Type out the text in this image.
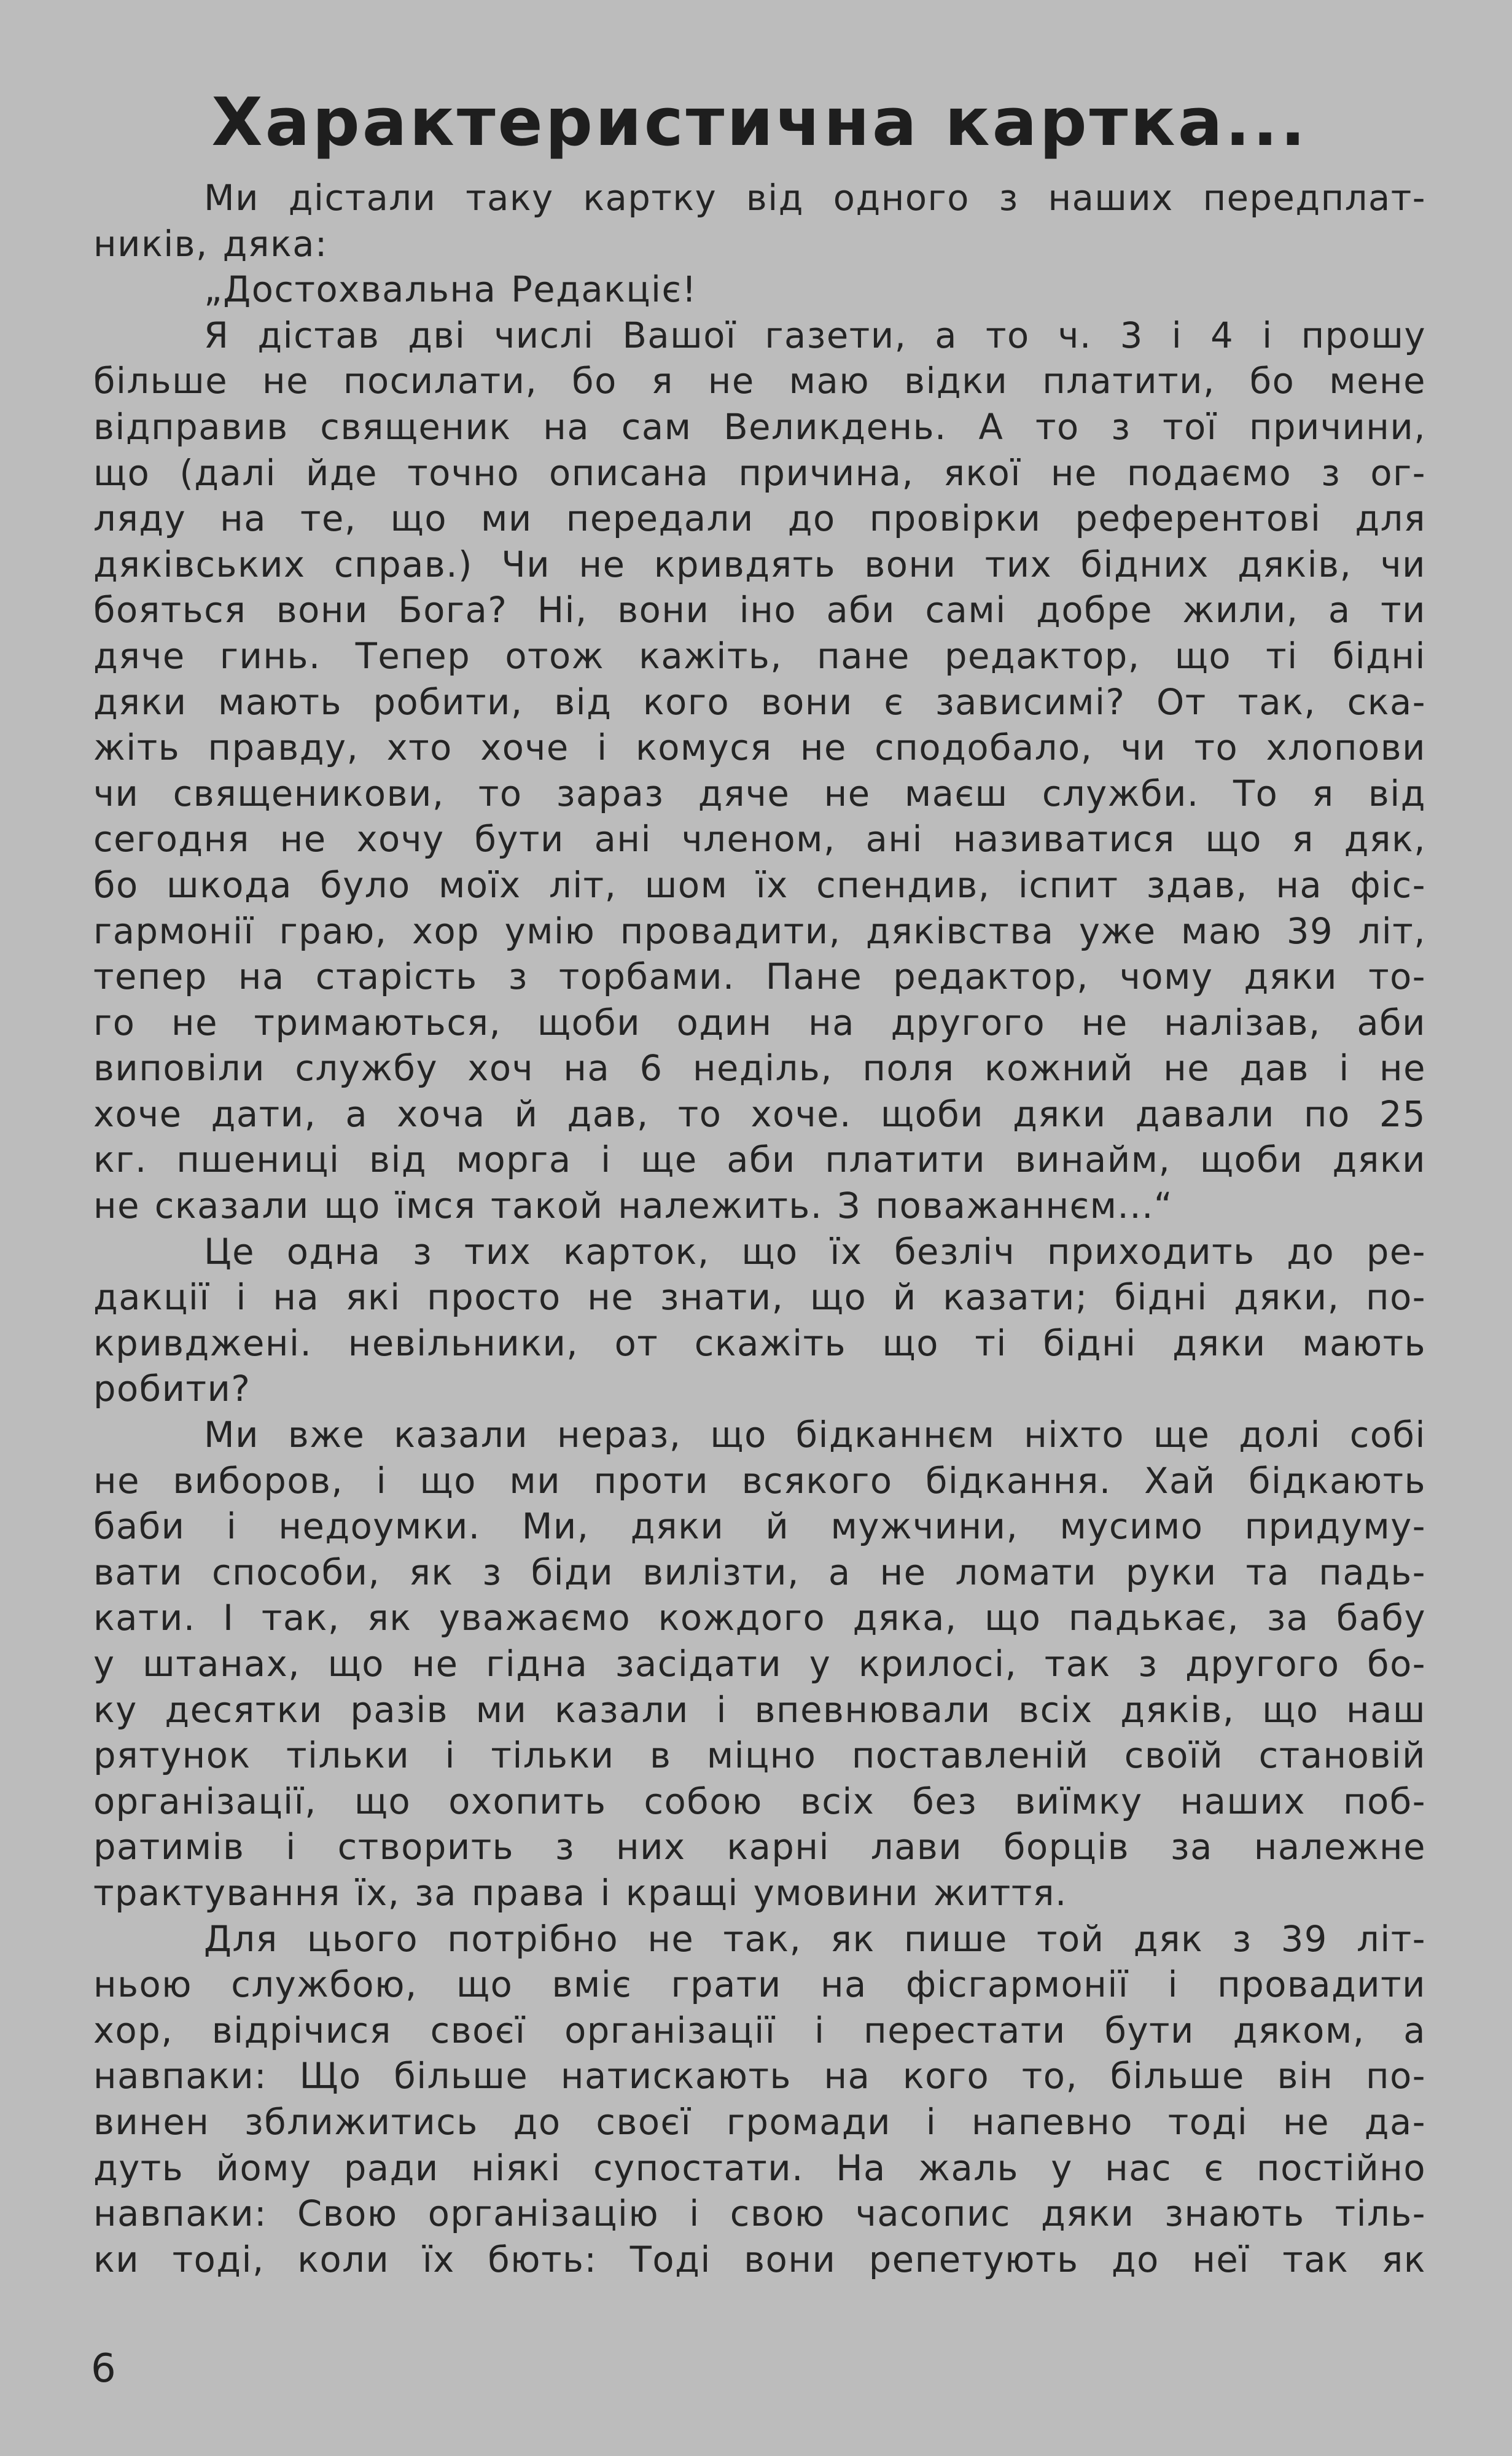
Характеристична картка...
Ми дістали таку картку від одного з наших передплат-
ників, дяка:
„Достохвальна Редакціє!
Я дістав дві числі Вашої газети, а то ч. 3 і 4 і прошу
більше не посилати, бо я не маю відки платити, бо мене
відправив священик на сам Великдень. А то з тої причини,
що (далі йде точно описана причина, якої не подаємо з ог-
ляду на те, що ми передали до провірки референтові для
дяківських справ.) Чи не кривдять вони тих бідних дяків, чи
бояться вони Бога? Ні, вони іно аби самі добре жили, а ти
дяче гинь. Тепер отож кажіть, пане редактор, що ті бідні
дяки мають робити, від кого вони є зависимі? От так, ска-
жіть правду, хто хоче і комуся не сподобало, чи то хлопови
чи священикови, то зараз дяче не маєш служби. То я від
сегодня не хочу бути ані членом, ані називатися що я дяк,
бо шкода було моїх літ, шом їх спендив, іспит здав, на фіс-
гармонії граю, хор умію провадити, дяківства уже маю 39 літ,
тепер на старість з торбами. Пане редактор, чому дяки то-
го не тримаються, щоби один на другого не налізав, аби
виповіли службу хоч на 6 неділь, поля кожний не дав і не
хоче дати, а хоча й дав, то хоче. щоби дяки давали по 25
кг. пшениці від морга і ще аби платити винайм, щоби дяки
не сказали що їмся такой належить. З поважаннєм...“
Це одна з тих карток, що їх безліч приходить до ре-
дакції і на які просто не знати, що й казати; бідні дяки, по-
кривджені. невільники, от скажіть що ті бідні дяки мають
робити?
Ми вже казали нераз, що бідканнєм ніхто ще долі собі
не виборов, і що ми проти всякого бідкання. Хай бідкають
баби і недоумки. Ми, дяки й мужчини, мусимо придуму-
вати способи, як з біди вилізти, а не ломати руки та падь-
кати. І так, як уважаємо кождого дяка, що падькає, за бабу
у штанах, що не гідна засідати у крилосі, так з другого бо-
ку десятки разів ми казали і впевнювали всіх дяків, що наш
рятунок тільки і тільки в міцно поставленій своїй становій
організації, що охопить собою всіх без виїмку наших поб-
ратимів і створить з них карні лави борців за належне
трактування їх, за права і кращі умовини життя.
Для цього потрібно не так, як пише той дяк з 39 літ-
ньою службою, що вміє грати на фісгармонії і провадити
хор, відрічися своєї організації і перестати бути дяком, а
навпаки: Що більше натискають на кого то, більше він по-
винен зближитись до своєї громади і напевно тоді не да-
дуть йому ради ніякі супостати. На жаль у нас є постійно
навпаки: Свою організацію і свою часопис дяки знають тіль-
ки тоді, коли їх бють: Тоді вони репетують до неї так як
6
